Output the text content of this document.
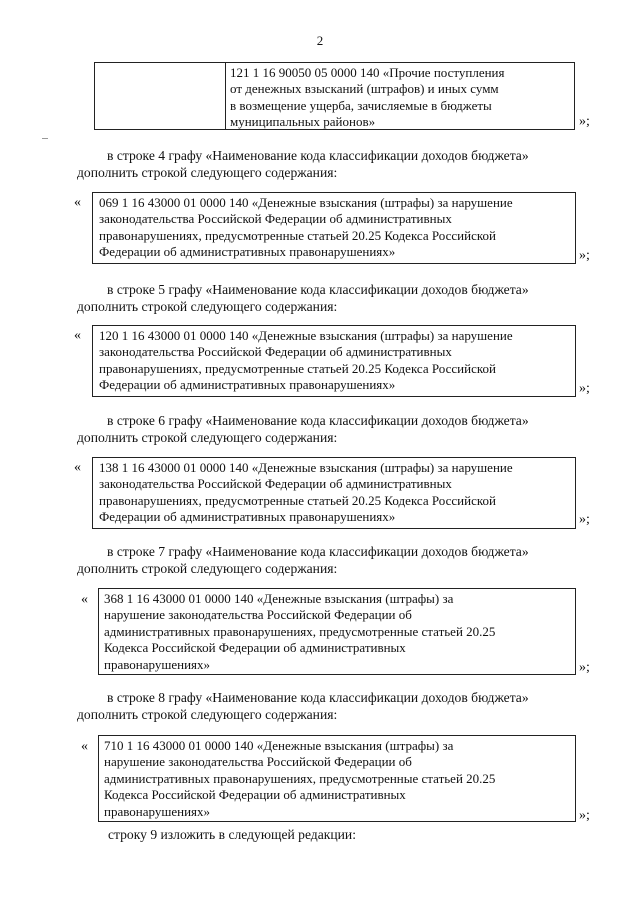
2
121 1 16 90050 05 0000 140 «Прочие поступления
от денежных взысканий (штрафов) и иных сумм
в возмещение ущерба, зачисляемые в бюджеты
муниципальных районов»	»;
в строке 4 графу «Наименование кода классификации доходов бюджета»
дополнить строкой следующего содержания:
« 069 1 16 43000 01 0000 140 «Денежные взыскания (штрафы) за нарушение
законодательства Российской Федерации об административных
правонарушениях, предусмотренные статьей 20.25 Кодекса Российской
Федерации об административных правонарушениях»	»;
в строке 5 графу «Наименование кода классификации доходов бюджета»
дополнить строкой следующего содержания:
« 120 1 16 43000 01 0000 140 «Денежные взыскания (штрафы) за нарушение
законодательства Российской Федерации об административных
правонарушениях, предусмотренные статьей 20.25 Кодекса Российской
Федерации об административных правонарушениях»	»;
в строке 6 графу «Наименование кода классификации доходов бюджета»
дополнить строкой следующего содержания:
« 138 1 16 43000 01 0000 140 «Денежные взыскания (штрафы) за нарушение
законодательства Российской Федерации об административных
правонарушениях, предусмотренные статьей 20.25 Кодекса Российской
Федерации об административных правонарушениях»	»;
в строке 7 графу «Наименование кода классификации доходов бюджета»
дополнить строкой следующего содержания:
« 368 1 16 43000 01 0000 140 «Денежные взыскания (штрафы) за
нарушение законодательства Российской Федерации об
административных правонарушениях, предусмотренные статьей 20.25
Кодекса Российской Федерации об административных
правонарушениях»	»;
в строке 8 графу «Наименование кода классификации доходов бюджета»
дополнить строкой следующего содержания:
« 710 1 16 43000 01 0000 140 «Денежные взыскания (штрафы) за
нарушение законодательства Российской Федерации об
административных правонарушениях, предусмотренные статьей 20.25
Кодекса Российской Федерации об административных
правонарушениях»	»;
строку 9 изложить в следующей редакции:
